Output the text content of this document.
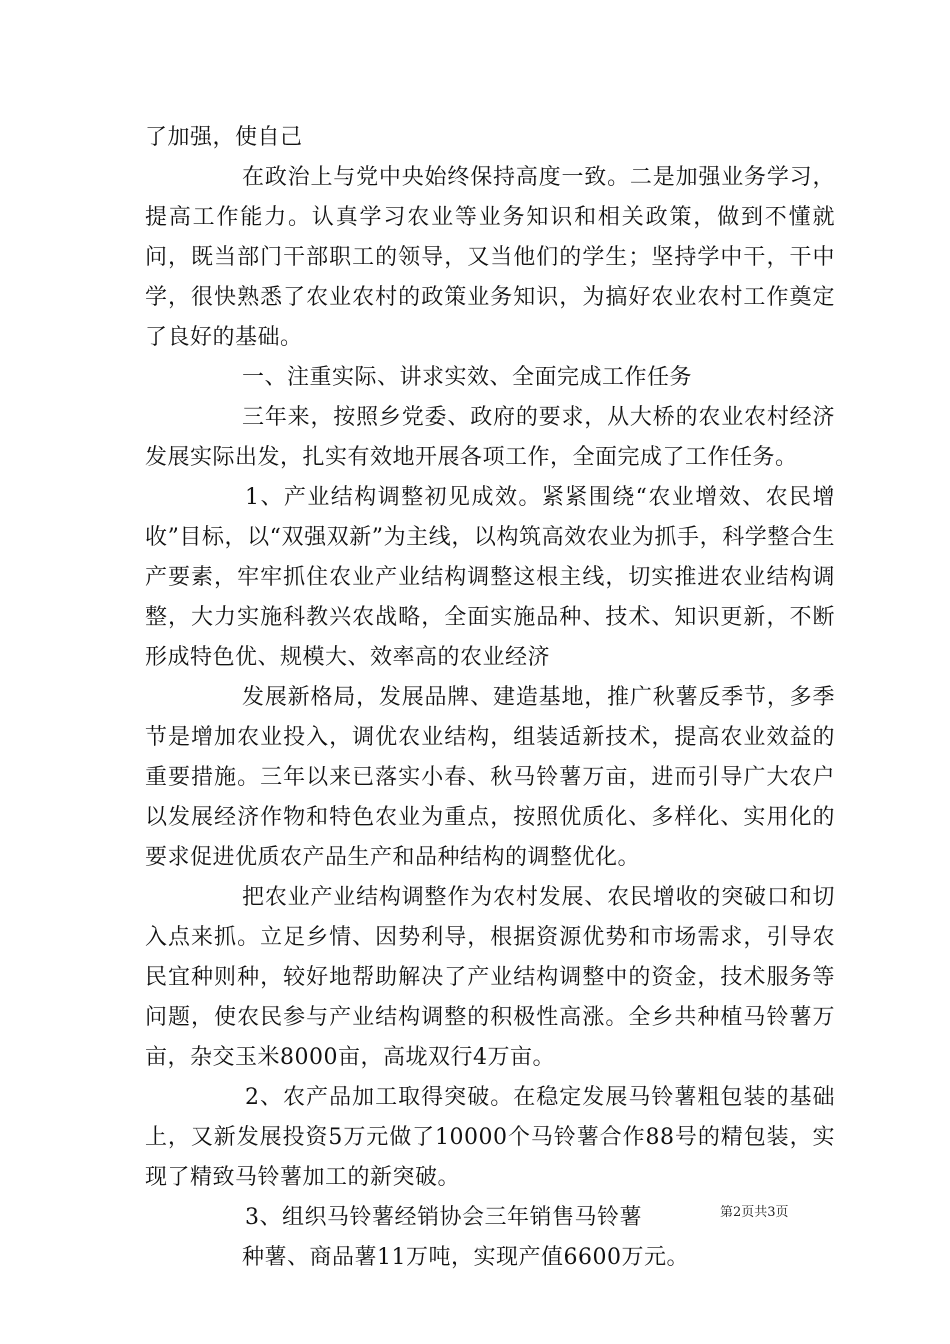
了加强，使自己

在政治上与党中央始终保持高度一致。二是加强业务学习，提高工作能力。认真学习农业等业务知识和相关政策，做到不懂就问，既当部门干部职工的领导，又当他们的学生；坚持学中干，干中学，很快熟悉了农业农村的政策业务知识，为搞好农业农村工作奠定了良好的基础。

一、注重实际、讲求实效、全面完成工作任务

三年来，按照乡党委、政府的要求，从大桥的农业农村经济发展实际出发，扎实有效地开展各项工作，全面完成了工作任务。

1、产业结构调整初见成效。紧紧围绕“农业增效、农民增收”目标，以“双强双新”为主线，以构筑高效农业为抓手，科学整合生产要素，牢牢抓住农业产业结构调整这根主线，切实推进农业结构调整，大力实施科教兴农战略，全面实施品种、技术、知识更新，不断形成特色优、规模大、效率高的农业经济

发展新格局，发展品牌、建造基地，推广秋薯反季节，多季节是增加农业投入，调优农业结构，组装适新技术，提高农业效益的重要措施。三年以来已落实小春、秋马铃薯万亩，进而引导广大农户以发展经济作物和特色农业为重点，按照优质化、多样化、实用化的要求促进优质农产品生产和品种结构的调整优化。

把农业产业结构调整作为农村发展、农民增收的突破口和切入点来抓。立足乡情、因势利导，根据资源优势和市场需求，引导农民宜种则种，较好地帮助解决了产业结构调整中的资金，技术服务等问题，使农民参与产业结构调整的积极性高涨。全乡共种植马铃薯万亩，杂交玉米8000亩，高垅双行4万亩。

2、农产品加工取得突破。在稳定发展马铃薯粗包装的基础上，又新发展投资5万元做了10000个马铃薯合作88号的精包装，实现了精致马铃薯加工的新突破。

3、组织马铃薯经销协会三年销售马铃薯

种薯、商品薯11万吨，实现产值6600万元。

第2页共3页
